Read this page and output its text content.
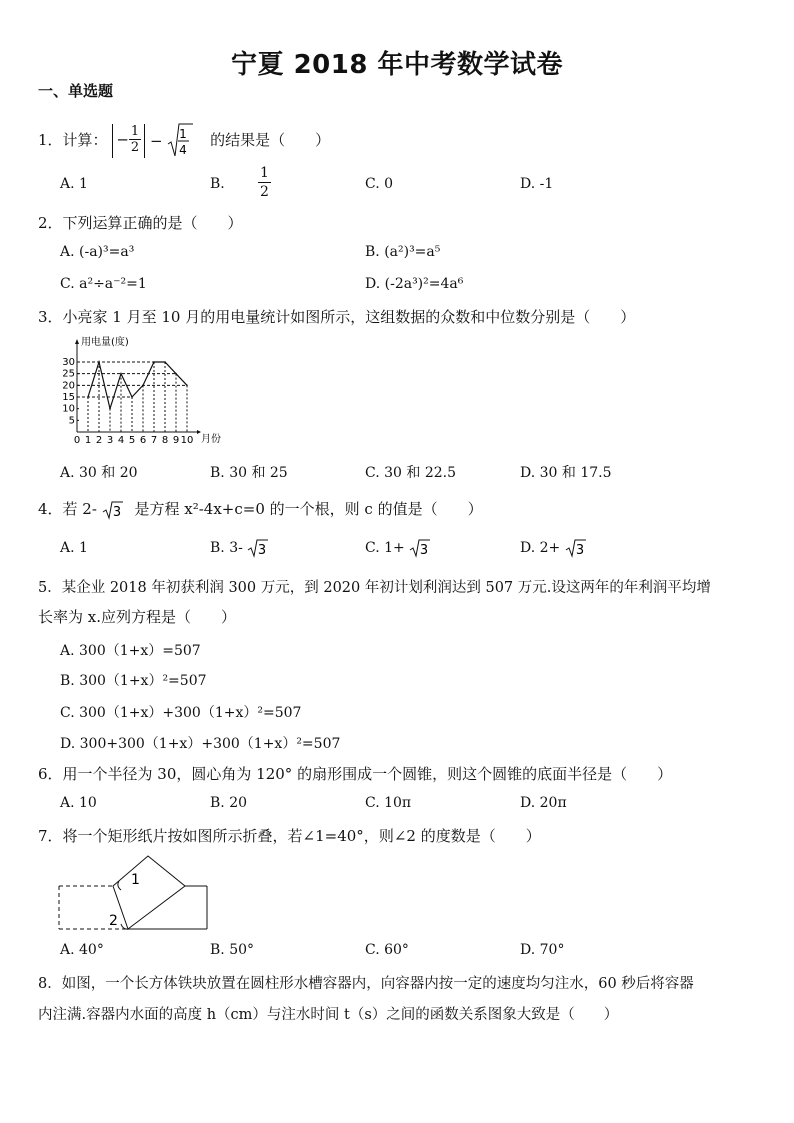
宁夏 2018 年中考数学试卷
一、单选题
1．计算： − $\frac{1}{2} - 1$
4
的结果是（　　）
A. 1	B. $\frac{1}{2}$	C. 0	D. -1
2．下列运算正确的是（　　）
A. (-a)³=a³	B. (a²)³=a⁵
C. a²÷a⁻²=1	D. (-2a³)²=4a⁶
3．小亮家 1 月至 10 月的用电量统计如图所示，这组数据的众数和中位数分别是（　　）
30
25
20
15
10
5
0 1 2 3 4 5 6 7 8 9 10
用电量(度)
月份
A. 30 和 20	B. 30 和 25	C. 30 和 22.5	D. 30 和 17.5
4．若 2- 3 是方程 x²-4x+c=0 的一个根，则 c 的值是（　　）
A. 1	B. 3- 3	C. 1+ 3	D. 2+ 3
5．某企业 2018 年初获利润 300 万元，到 2020 年初计划利润达到 507 万元.设这两年的年利润平均增
长率为 x.应列方程是（　　）
A. 300（1+x）=507
B. 300（1+x）²=507
C. 300（1+x）+300（1+x）²=507
D. 300+300（1+x）+300（1+x）²=507
6．用一个半径为 30，圆心角为 120° 的扇形围成一个圆锥，则这个圆锥的底面半径是（　　）
A. 10	B. 20	C. 10π	D. 20π
7．将一个矩形纸片按如图所示折叠，若∠1=40°，则∠2 的度数是（　　）
1
2
A. 40°	B. 50°	C. 60°	D. 70°
8．如图，一个长方体铁块放置在圆柱形水槽容器内，向容器内按一定的速度均匀注水，60 秒后将容器
内注满.容器内水面的高度 h（cm）与注水时间 t（s）之间的函数关系图象大致是（　　）
